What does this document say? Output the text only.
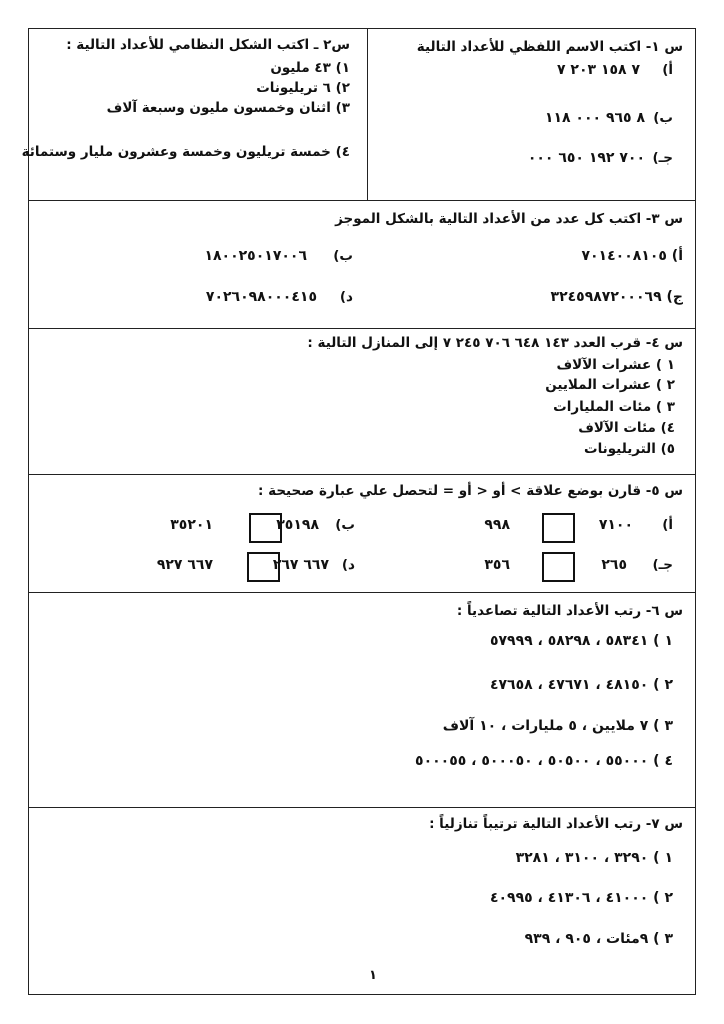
س ١- اكتب الاسم اللفظي للأعداد التالية
أ)
٧ ١٥٨ ٢٠٣ ٧
ب)
٨ ٩٦٥ ٠٠٠ ١١٨
جـ)
٧٠٠ ١٩٢ ٦٥٠ ٠٠٠
س٢ ـ اكتب الشكل النظامي للأعداد التالية :
١) ٤٣ مليون
٢) ٦ تريليونات
٣) اثنان وخمسون مليون وسبعة آلاف
٤) خمسة تريليون وخمسة وعشرون مليار وستمائة
س ٣- اكتب كل عدد من الأعداد التالية بالشكل الموجز
أ) ٧٠١٤٠٠٨١٠٥
ب)
١٨٠٠٢٥٠١٧٠٠٦
ج) ٣٢٤٥٩٨٧٢٠٠٠٦٩
د)
٧٠٢٦٠٩٨٠٠٠٤١٥
س ٤- قرب العدد ١٤٣ ٦٤٨ ٧٠٦ ٢٤٥ ٧ إلى المنازل التالية :
١ ) عشرات الآلاف
٢ ) عشرات الملايين
٣ ) مئات المليارات
٤) مئات الآلاف
٥) التريليونات
س ٥- قارن بوضع علاقة > أو < أو = لتحصل علي عبارة صحيحة :
أ)
٧١٠٠
٩٩٨
ب)
٣٥١٩٨
٣٥٢٠١
جـ)
٢٦٥
٣٥٦
د)
٦٦٧ ٢٦٧
٦٦٧ ٩٢٧
س ٦- رتب الأعداد التالية تصاعدياً :
١ ) ٥٨٣٤١ ، ٥٨٢٩٨ ، ٥٧٩٩٩
٢ ) ٤٨١٥٠ ، ٤٧٦٧١ ، ٤٧٦٥٨
٣ ) ٧ ملايين ، ٥ مليارات ، ١٠ آلاف
٤ ) ٥٥٠٠٠ ، ٥٠٥٠٠ ، ٥٠٠٠٥٠ ، ٥٠٠٠٥٥
س ٧- رتب الأعداد التالية ترتيباً تنازلياً :
١ ) ٣٢٩٠ ، ٣١٠٠ ، ٣٢٨١
٢ ) ٤١٠٠٠ ، ٤١٣٠٦ ، ٤٠٩٩٥
٣ ) ٩مئات ، ٩٠٥ ، ٩٣٩
١
